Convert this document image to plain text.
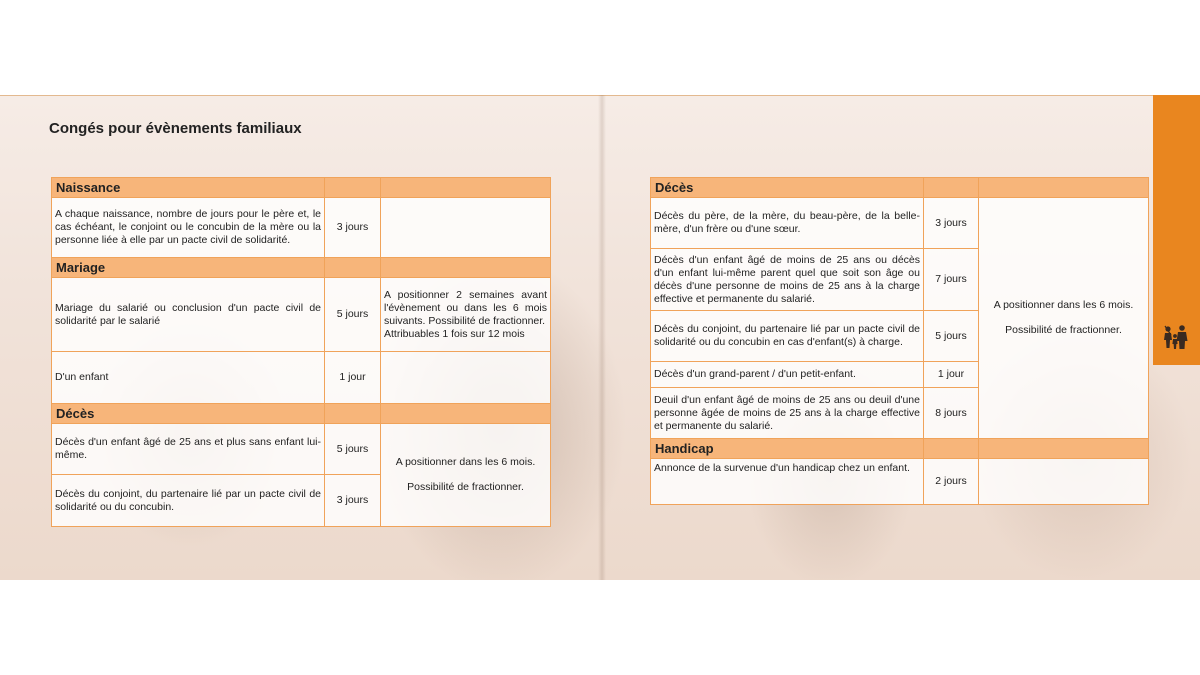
Congés pour évènements familiaux
Naissance		
A chaque naissance, nombre de jours pour le père et, le cas échéant, le conjoint ou le concubin de la mère ou la personne liée à elle par un pacte civil de solidarité.	3 jours	
Mariage		
Mariage du salarié ou conclusion d'un pacte civil de solidarité par le salarié	5 jours	A positionner 2 semaines avant l'évènement ou dans les 6 mois suivants. Possibilité de fractionner.
Attribuables 1 fois sur 12 mois

D'un enfant	1 jour	
Décès		
Décès d'un enfant âgé de 25 ans et plus sans enfant lui-même.	5 jours	A positionner dans les 6 mois.
Possibilité de fractionner.

Décès du conjoint, du partenaire lié par un pacte civil de solidarité ou du concubin.	3 jours	
Décès		
Décès du père, de la mère, du beau-père, de la belle-mère, d'un frère ou d'une sœur.	3 jours	A positionner dans les 6 mois.
Possibilité de fractionner.

Décès d'un enfant âgé de moins de 25 ans ou décès d'un enfant lui-même parent quel que soit son âge ou décès d'une personne de moins de 25 ans à la charge effective et permanente du salarié.	7 jours	
Décès du conjoint, du partenaire lié par un pacte civil de solidarité ou du concubin en cas d'enfant(s) à charge.	5 jours	
Décès d'un grand-parent / d'un petit-enfant.	1 jour	
Deuil d'un enfant âgé de moins de 25 ans ou deuil d'une personne âgée de moins de 25 ans à la charge effective et permanente du salarié.	8 jours	
Handicap		
Annonce de la survenue d'un handicap chez un enfant.	2 jours	
